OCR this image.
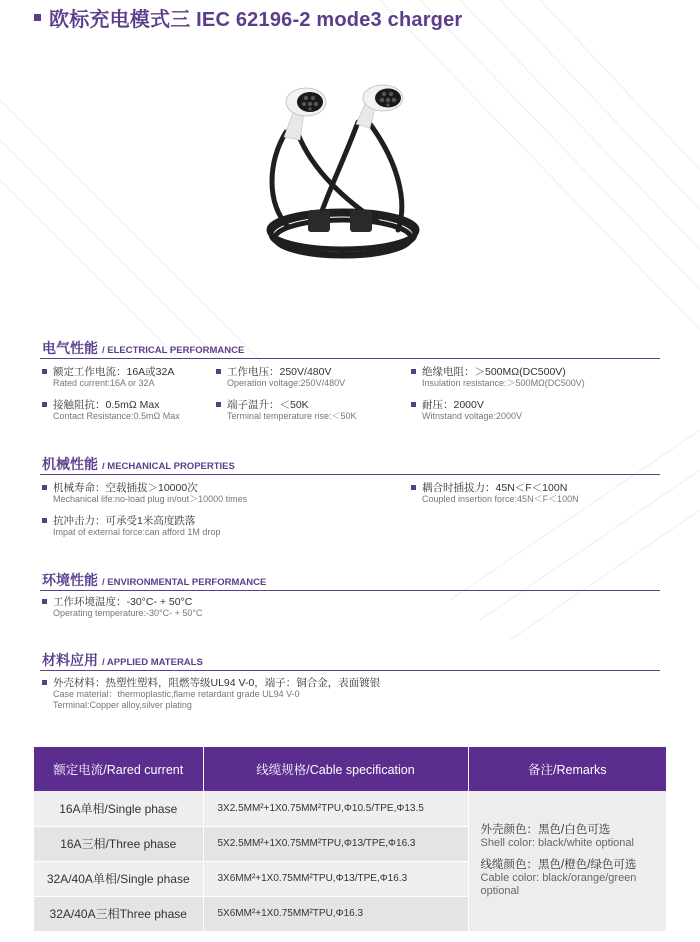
欧标充电模式三 IEC 62196-2 mode3 charger
电气性能 / ELECTRICAL PERFORMANCE
额定工作电流：16A或32A
Rated current:16A or 32A
工作电压：250V/480V
Operation voltage:250V/480V
绝缘电阻：＞500MΩ(DC500V)
Insulation resistance:＞500MΩ(DC500V)
接触阻抗：0.5mΩ Max
Contact Resistance:0.5mΩ Max
端子温升：＜50K
Terminal temperature rise:＜50K
耐压：2000V
Witnstand voltage:2000V
机械性能 / MECHANICAL PROPERTIES
机械寿命：空载插拔＞10000次
Mechanical life:no-load plug in/out＞10000 times
耦合时插拔力：45N＜F＜100N
Coupled insertion force:45N＜F＜100N
抗冲击力：可承受1米高度跌落
Impat of external force:can afford 1M drop
环境性能 / ENVIRONMENTAL PERFORMANCE
工作环境温度：-30°C- + 50°C
Operating temperature:-30°C- + 50°C
材料应用 / APPLIED MATERALS
外壳材料：热塑性塑料，阻燃等级UL94 V-0，端子：铜合金，表面镀银
Case material：thermoplastic,flame retardant grade UL94 V-0
Terminal:Copper alloy,silver plating
额定电流/Rared current	线缆规格/Cable specification	备注/Remarks
16A单相/Single phase	3X2.5MM²+1X0.75MM²TPU,Φ10.5/TPE,Φ13.5	外壳颜色：黑色/白色可选
Shell color: black/white optional
线缆颜色：黑色/橙色/绿色可选
Cable color: black/orange/green
optional

16A三相/Three phase	5X2.5MM²+1X0.75MM²TPU,Φ13/TPE,Φ16.3	
32A/40A单相/Single phase	3X6MM²+1X0.75MM²TPU,Φ13/TPE,Φ16.3	
32A/40A三相Three phase	5X6MM²+1X0.75MM²TPU,Φ16.3	
